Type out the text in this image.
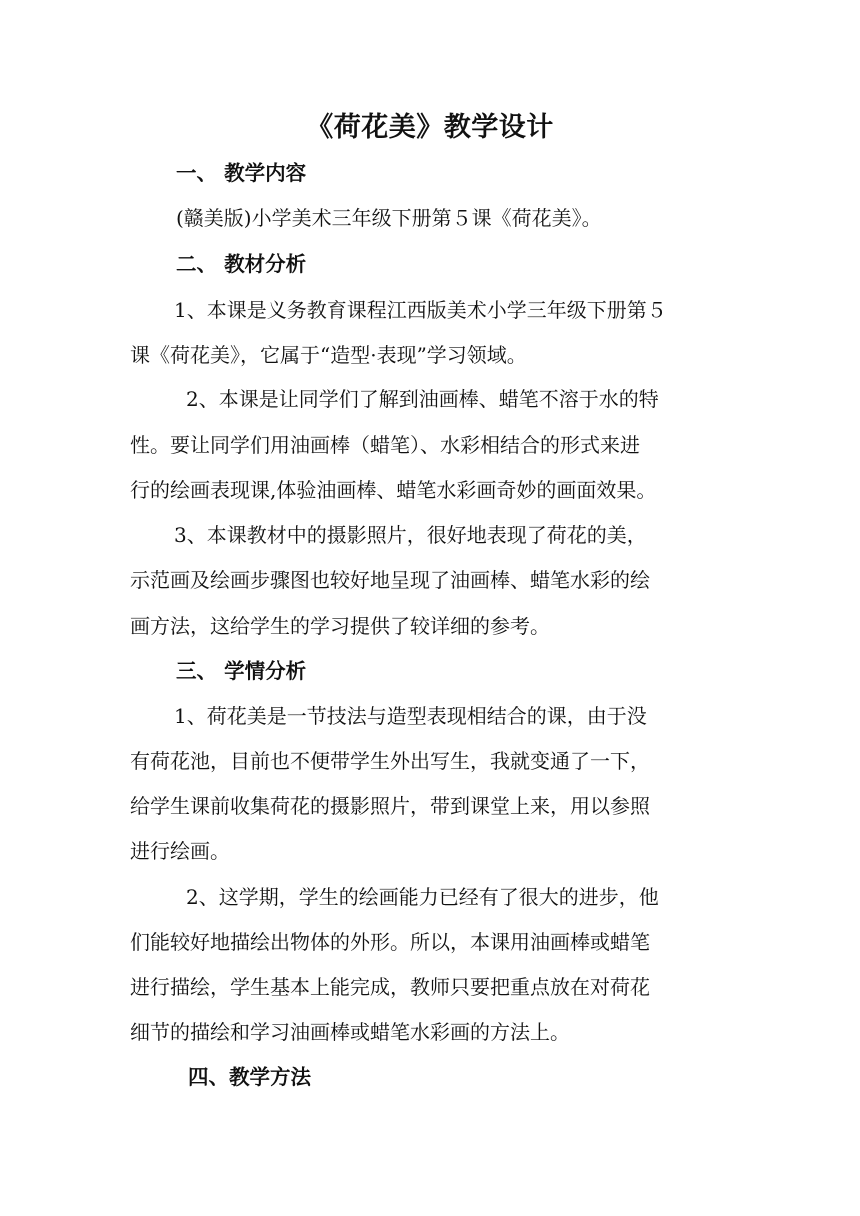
《荷花美》教学设计
一、 教学内容
(赣美版)小学美术三年级下册第５课《荷花美》。
二、 教材分析
1、本课是义务教育课程江西版美术小学三年级下册第５
课《荷花美》，它属于“造型·表现”学习领域。
2、本课是让同学们了解到油画棒、蜡笔不溶于水的特
性。要让同学们用油画棒（蜡笔）、水彩相结合的形式来进
行的绘画表现课,体验油画棒、蜡笔水彩画奇妙的画面效果。
3、本课教材中的摄影照片，很好地表现了荷花的美，
示范画及绘画步骤图也较好地呈现了油画棒、蜡笔水彩的绘
画方法，这给学生的学习提供了较详细的参考。
三、 学情分析
1、荷花美是一节技法与造型表现相结合的课，由于没
有荷花池，目前也不便带学生外出写生，我就变通了一下，
给学生课前收集荷花的摄影照片，带到课堂上来，用以参照
进行绘画。
2、这学期，学生的绘画能力已经有了很大的进步，他
们能较好地描绘出物体的外形。所以，本课用油画棒或蜡笔
进行描绘，学生基本上能完成，教师只要把重点放在对荷花
细节的描绘和学习油画棒或蜡笔水彩画的方法上。
四、教学方法
